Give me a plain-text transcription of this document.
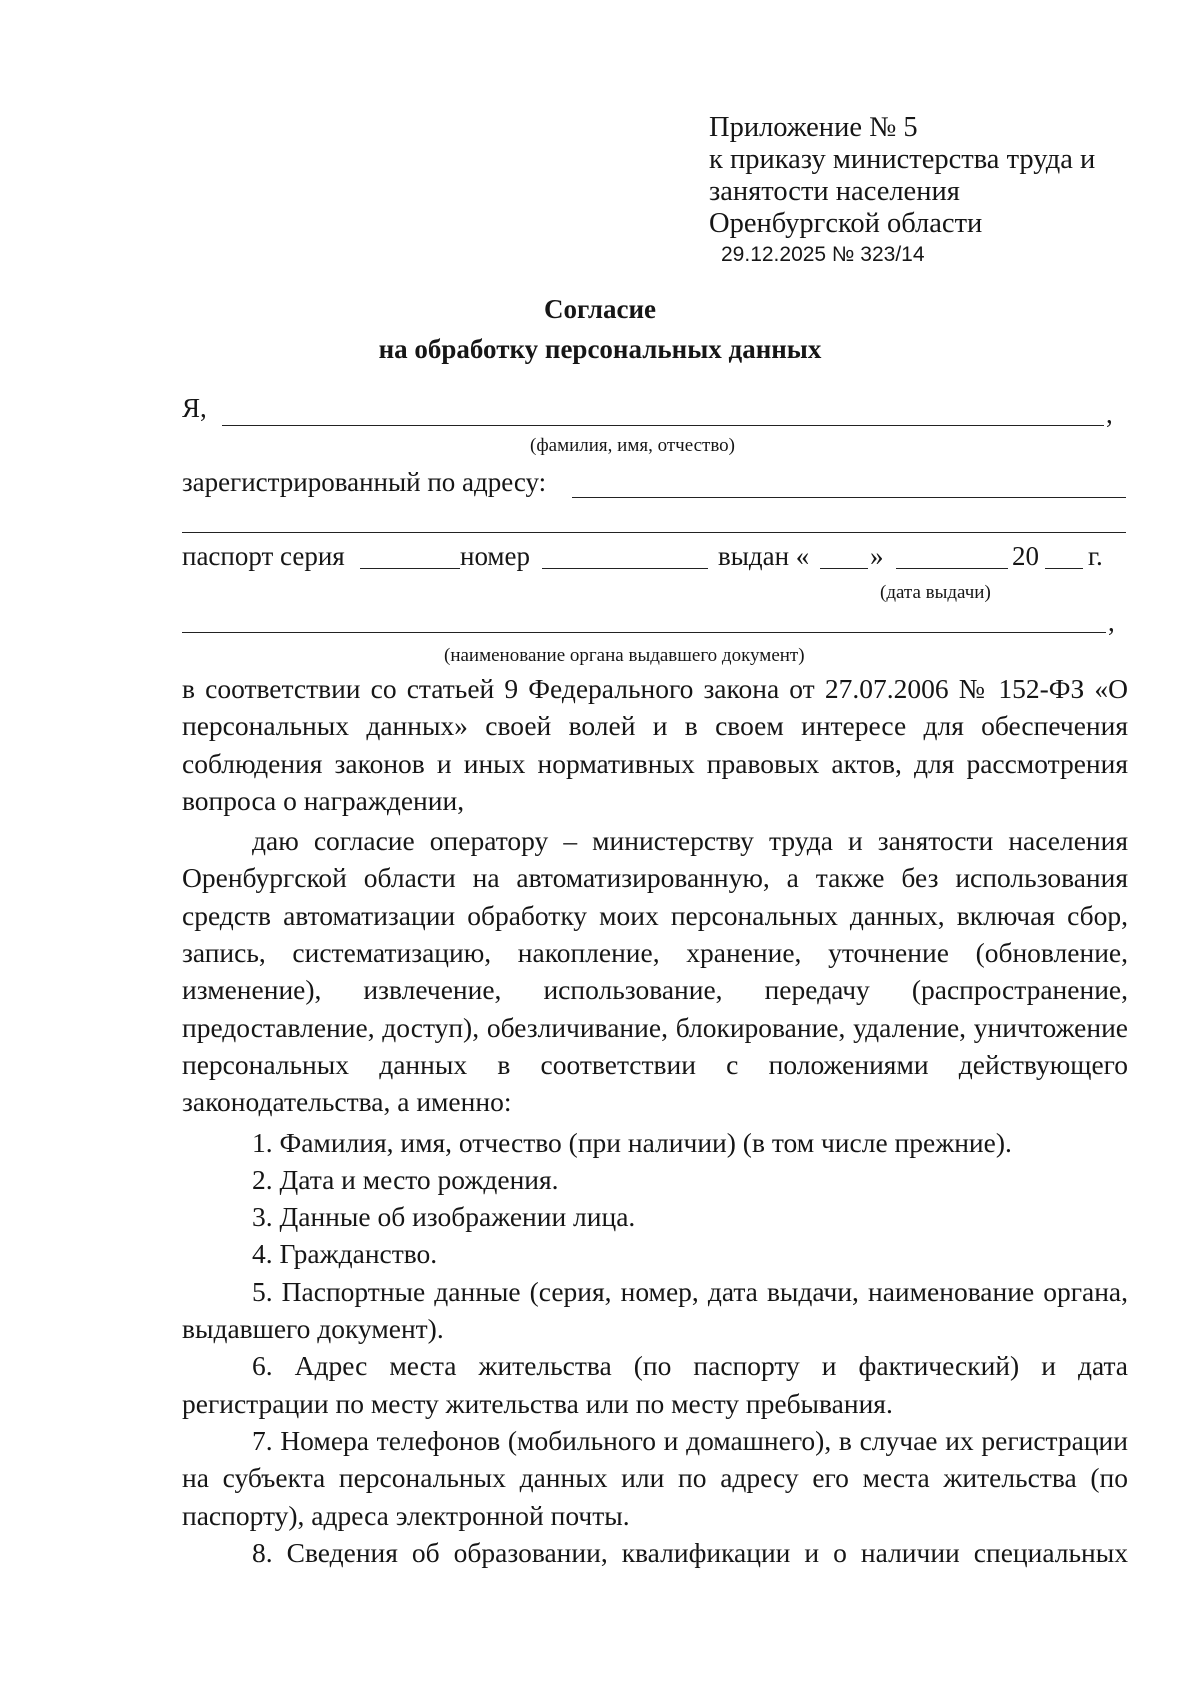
Приложение № 5
к приказу министерства труда и
занятости населения
Оренбургской области
29.12.2025 № 323/14
Согласие
на обработку персональных данных
Я,	,
(фамилия, имя, отчество)
зарегистрированный по адресу:
паспорт серия	номер	выдан « »	20 г.
(дата выдачи)
,
(наименование органа выдавшего документ)

в соответствии со статьей 9 Федерального закона от 27.07.2006 № 152-ФЗ «О персональных данных» своей волей и в своем интересе для обеспечения соблюдения законов и иных нормативных правовых актов, для рассмотрения вопроса о награждении,

даю согласие оператору – министерству труда и занятости населения Оренбургской области на автоматизированную, а также без использования средств автоматизации обработку моих персональных данных, включая сбор, запись, систематизацию, накопление, хранение, уточнение (обновление, изменение), извлечение, использование, передачу (распространение, предоставление, доступ), обезличивание, блокирование, удаление, уничтожение персональных данных в соответствии с положениями действующего законодательства, а именно:

1. Фамилия, имя, отчество (при наличии) (в том числе прежние).

2. Дата и место рождения.

3. Данные об изображении лица.

4. Гражданство.

5. Паспортные данные (серия, номер, дата выдачи, наименование органа, выдавшего документ).

6. Адрес места жительства (по паспорту и фактический) и дата регистрации по месту жительства или по месту пребывания.

7. Номера телефонов (мобильного и домашнего), в случае их регистрации на субъекта персональных данных или по адресу его места жительства (по паспорту), адреса электронной почты.

8. Сведения об образовании, квалификации и о наличии специальных
